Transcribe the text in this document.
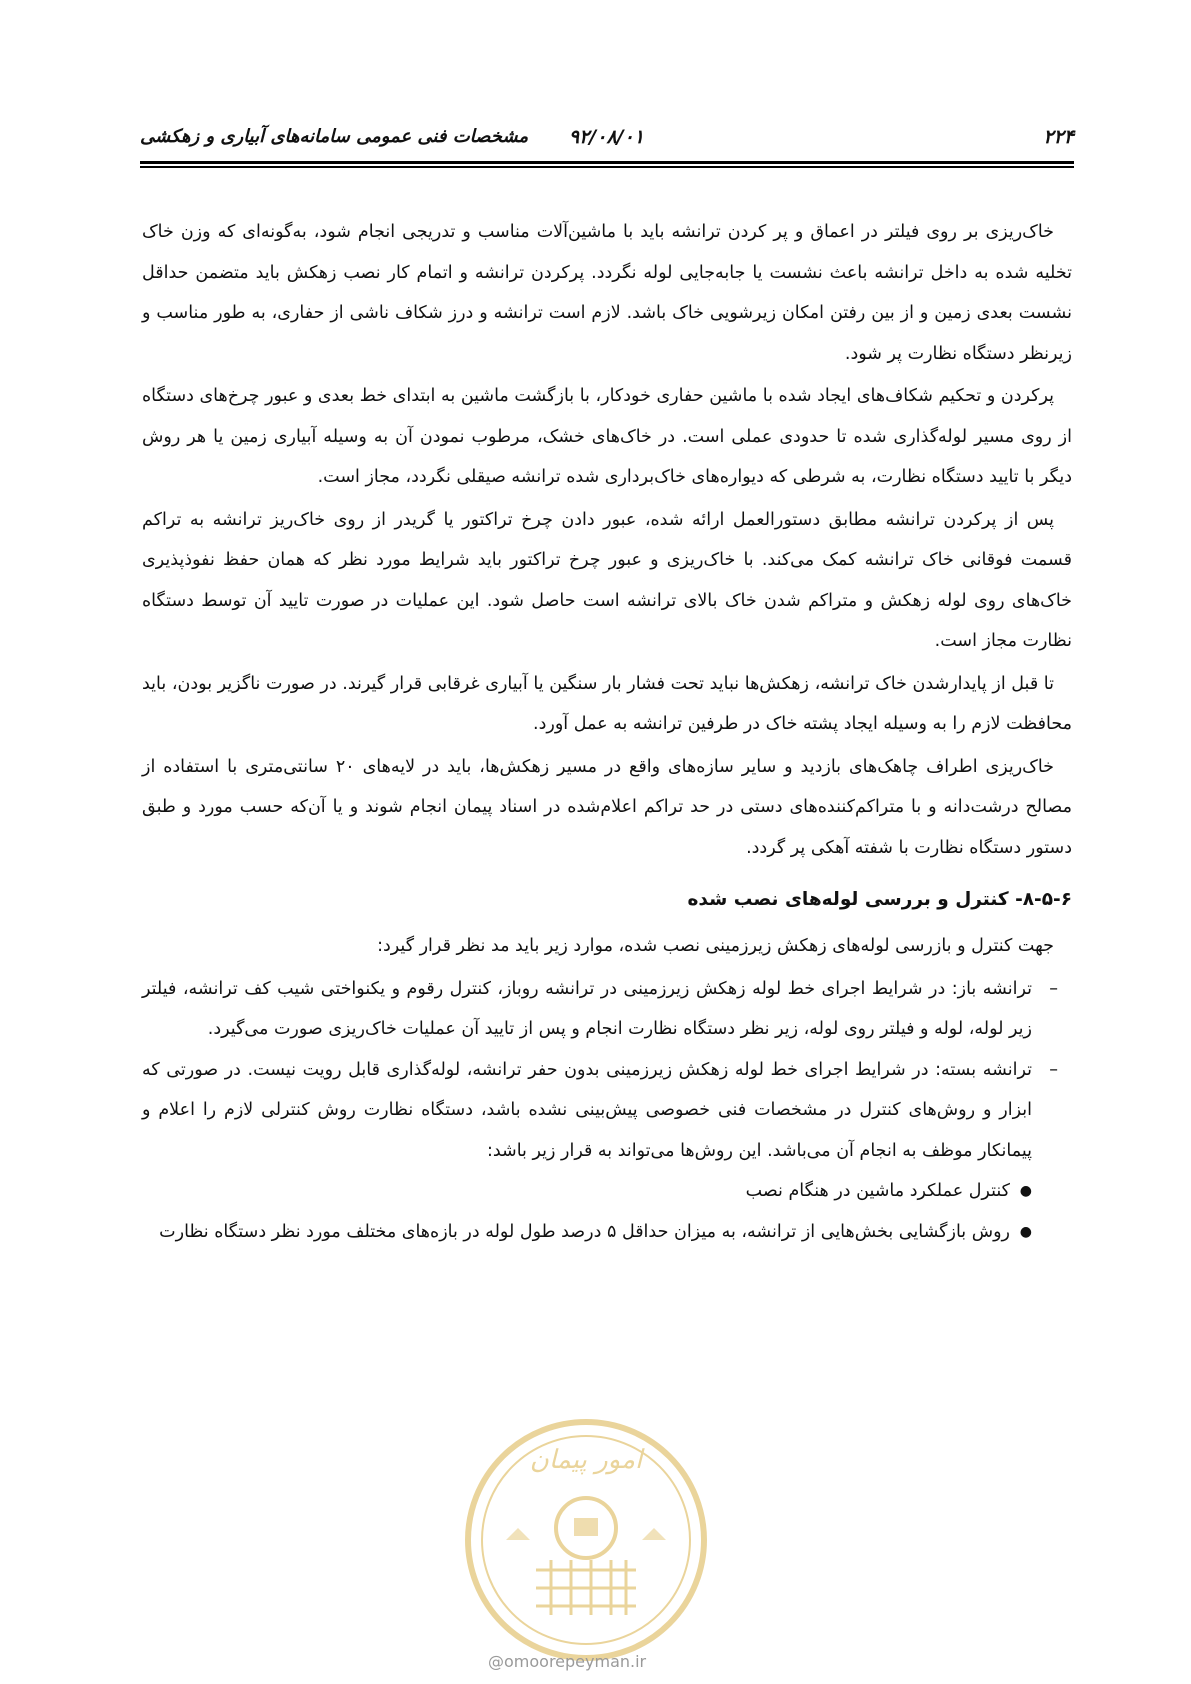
۲۲۴
۹۲/۰۸/۰۱
مشخصات فنی عمومی سامانه‌های آبیاری و زهکشی

خاک‌ریزی بر روی فیلتر در اعماق و پر کردن ترانشه باید با ماشین‌آلات مناسب و تدریجی انجام شود، به‌گونه‌ای که وزن خاک تخلیه شده به داخل ترانشه باعث نشست یا جابه‌جایی لوله نگردد. پرکردن ترانشه و اتمام کار نصب زهکش باید متضمن حداقل نشست بعدی زمین و از بین رفتن امکان زیرشویی خاک باشد. لازم است ترانشه و درز شکاف ناشی از حفاری، به طور مناسب و زیرنظر دستگاه نظارت پر شود.

پرکردن و تحکیم شکاف‌های ایجاد شده با ماشین حفاری خودکار، با بازگشت ماشین به ابتدای خط بعدی و عبور چرخ‌های دستگاه از روی مسیر لوله‌گذاری شده تا حدودی عملی است. در خاک‌های خشک، مرطوب نمودن آن به وسیله آبیاری زمین یا هر روش دیگر با تایید دستگاه نظارت، به شرطی که دیواره‌های خاک‌برداری شده ترانشه صیقلی نگردد، مجاز است.

پس از پرکردن ترانشه مطابق دستورالعمل ارائه شده، عبور دادن چرخ تراکتور یا گریدر از روی خاک‌ریز ترانشه به تراکم قسمت فوقانی خاک ترانشه کمک می‌کند. با خاک‌ریزی و عبور چرخ تراکتور باید شرایط مورد نظر که همان حفظ نفوذپذیری خاک‌های روی لوله زهکش و متراکم شدن خاک بالای ترانشه است حاصل شود. این عملیات در صورت تایید آن توسط دستگاه نظارت مجاز است.

تا قبل از پایدارشدن خاک ترانشه، زهکش‌ها نباید تحت فشار بار سنگین یا آبیاری غرقابی قرار گیرند. در صورت ناگزیر بودن، باید محافظت لازم را به وسیله ایجاد پشته خاک در طرفین ترانشه به عمل آورد.

خاک‌ریزی اطراف چاهک‌های بازدید و سایر سازه‌های واقع در مسیر زهکش‌ها، باید در لایه‌های ۲۰ سانتی‌متری با استفاده از مصالح درشت‌دانه و با متراکم‌کننده‌های دستی در حد تراکم اعلام‌شده در اسناد پیمان انجام شوند و یا آن‌که حسب مورد و طبق دستور دستگاه نظارت با شفته آهکی پر گردد.

۸-۵-۶- کنترل و بررسی لوله‌های نصب شده

جهت کنترل و بازرسی لوله‌های زهکش زیرزمینی نصب شده، موارد زیر باید مد نظر قرار گیرد:

–
ترانشه باز: در شرایط اجرای خط لوله زهکش زیرزمینی در ترانشه روباز، کنترل رقوم و یکنواختی شیب کف ترانشه، فیلتر زیر لوله، لوله و فیلتر روی لوله، زیر نظر دستگاه نظارت انجام و پس از تایید آن عملیات خاک‌ریزی صورت می‌گیرد.
–
ترانشه بسته: در شرایط اجرای خط لوله زهکش زیرزمینی بدون حفر ترانشه، لوله‌گذاری قابل رویت نیست. در صورتی که ابزار و روش‌های کنترل در مشخصات فنی خصوصی پیش‌بینی نشده باشد، دستگاه نظارت روش کنترلی لازم را اعلام و پیمانکار موظف به انجام آن می‌باشد. این روش‌ها می‌تواند به قرار زیر باشد:
●
کنترل عملکرد ماشین در هنگام نصب
●
روش بازگشایی بخش‌هایی از ترانشه، به میزان حداقل ۵ درصد طول لوله در بازه‌های مختلف مورد نظر دستگاه نظارت
امور پیمان
@omoorepeyman.ir
